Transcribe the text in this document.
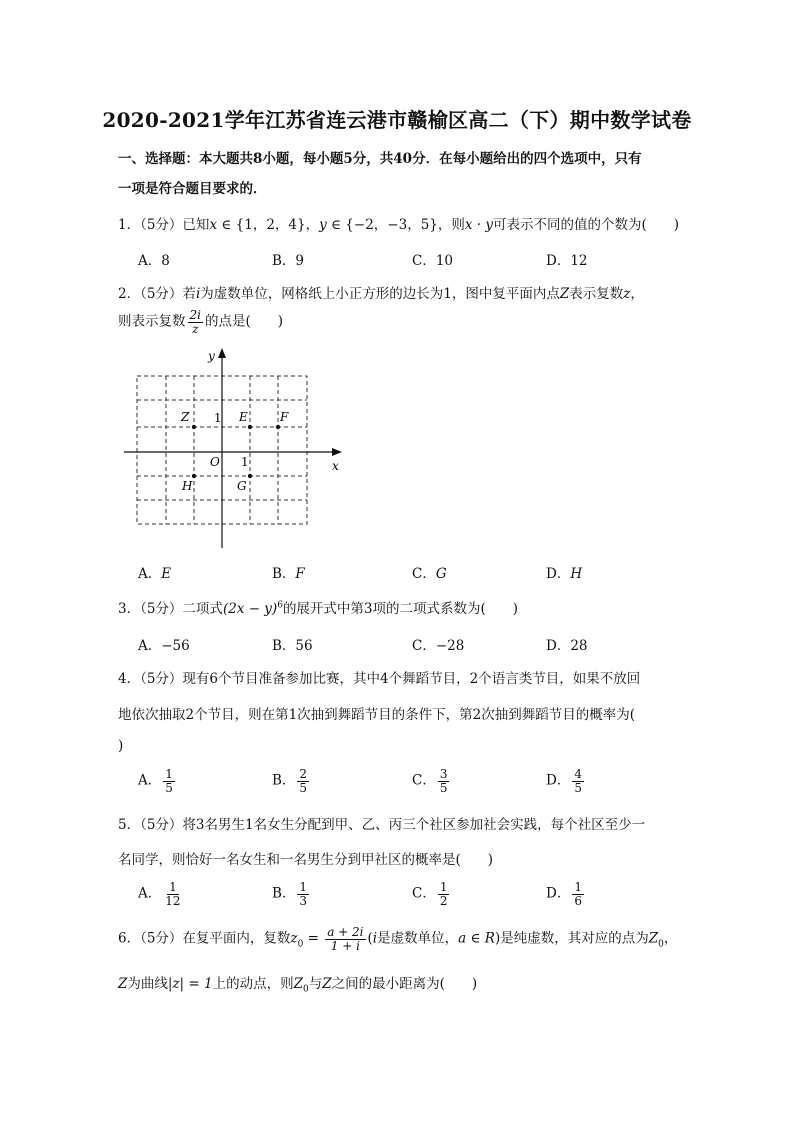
2020-2021学年江苏省连云港市赣榆区高二（下）期中数学试卷
一、选择题：本大题共8小题，每小题5分，共40分．在每小题给出的四个选项中，只有
一项是符合题目要求的．
1．（5分）已知x ∈ {1，2，4}，y ∈ {−2，−3，5}，则x · y可表示不同的值的个数为(　　)
A．8	B．9	C．10	D．12
2．（5分）若i为虚数单位，网格纸上小正方形的边长为1，图中复平面内点Z表示复数z，
则表示复数 $\frac{2i}{z}$ 的点是(　　)
y
x
O
1
1
Z	E	F
H	G
A．E	B．F	C．G	D．H
3．（5分）二项式$(2x - y)^6$的展开式中第3项的二项式系数为(　　)
A．−56	B．56	C．−28	D．28
4．（5分）现有6个节目准备参加比赛，其中4个舞蹈节目，2个语言类节目，如果不放回
地依次抽取2个节目，则在第1次抽到舞蹈节目的条件下，第2次抽到舞蹈节目的概率为(
)
A． $\frac{1}{5}$	B． $\frac{2}{5}$	C． $\frac{3}{5}$	D． $\frac{4}{5}$
5．（5分）将3名男生1名女生分配到甲、乙、丙三个社区参加社会实践，每个社区至少一
名同学，则恰好一名女生和一名男生分到甲社区的概率是(　　)
A． $\frac{1}{12}$	B． $\frac{1}{3}$	C． $\frac{1}{2}$	D． $\frac{1}{6}$
6．（5分）在复平面内，复数$z_0 = \frac{a + 2i}{1 + i} (i$是虚数单位，a ∈ R)是纯虚数，其对应的点为$Z_0$，
Z为曲线|z| = 1上的动点，则$Z_0$与Z之间的最小距离为(　　)
